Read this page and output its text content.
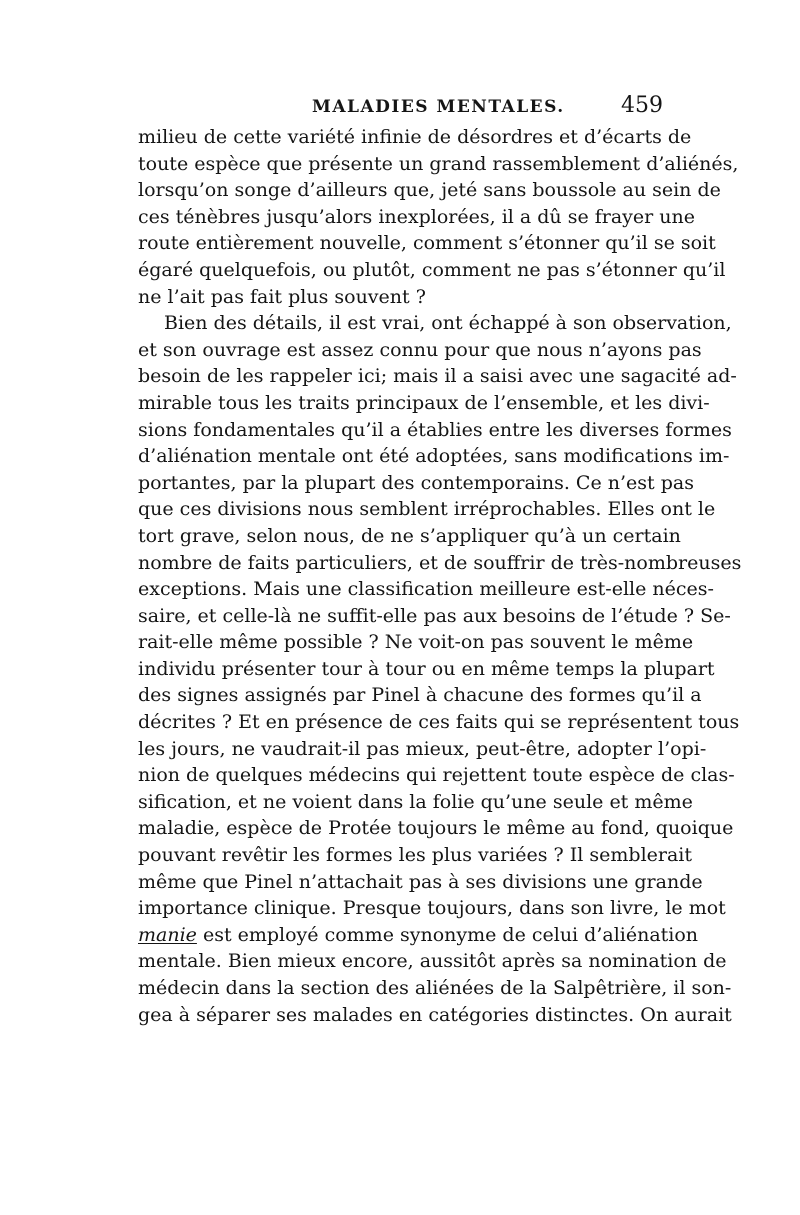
MALADIES MENTALES.	459
milieu de cette variété infinie de désordres et d’écarts de
toute espèce que présente un grand rassemblement d’aliénés,
lorsqu’on songe d’ailleurs que, jeté sans boussole au sein de
ces ténèbres jusqu’alors inexplorées, il a dû se frayer une
route entièrement nouvelle, comment s’étonner qu’il se soit
égaré quelquefois, ou plutôt, comment ne pas s’étonner qu’il
ne l’ait pas fait plus souvent ?
Bien des détails, il est vrai, ont échappé à son observation,
et son ouvrage est assez connu pour que nous n’ayons pas
besoin de les rappeler ici; mais il a saisi avec une sagacité ad-
mirable tous les traits principaux de l’ensemble, et les divi-
sions fondamentales qu’il a établies entre les diverses formes
d’aliénation mentale ont été adoptées, sans modifications im-
portantes, par la plupart des contemporains. Ce n’est pas
que ces divisions nous semblent irréprochables. Elles ont le
tort grave, selon nous, de ne s’appliquer qu’à un certain
nombre de faits particuliers, et de souffrir de très-nombreuses
exceptions. Mais une classification meilleure est-elle néces-
saire, et celle-là ne suffit-elle pas aux besoins de l’étude ? Se-
rait-elle même possible ? Ne voit-on pas souvent le même
individu présenter tour à tour ou en même temps la plupart
des signes assignés par Pinel à chacune des formes qu’il a
décrites ? Et en présence de ces faits qui se représentent tous
les jours, ne vaudrait-il pas mieux, peut-être, adopter l’opi-
nion de quelques médecins qui rejettent toute espèce de clas-
sification, et ne voient dans la folie qu’une seule et même
maladie, espèce de Protée toujours le même au fond, quoique
pouvant revêtir les formes les plus variées ? Il semblerait
même que Pinel n’attachait pas à ses divisions une grande
importance clinique. Presque toujours, dans son livre, le mot
manie est employé comme synonyme de celui d’aliénation
mentale. Bien mieux encore, aussitôt après sa nomination de
médecin dans la section des aliénées de la Salpêtrière, il son-
gea à séparer ses malades en catégories distinctes. On aurait
